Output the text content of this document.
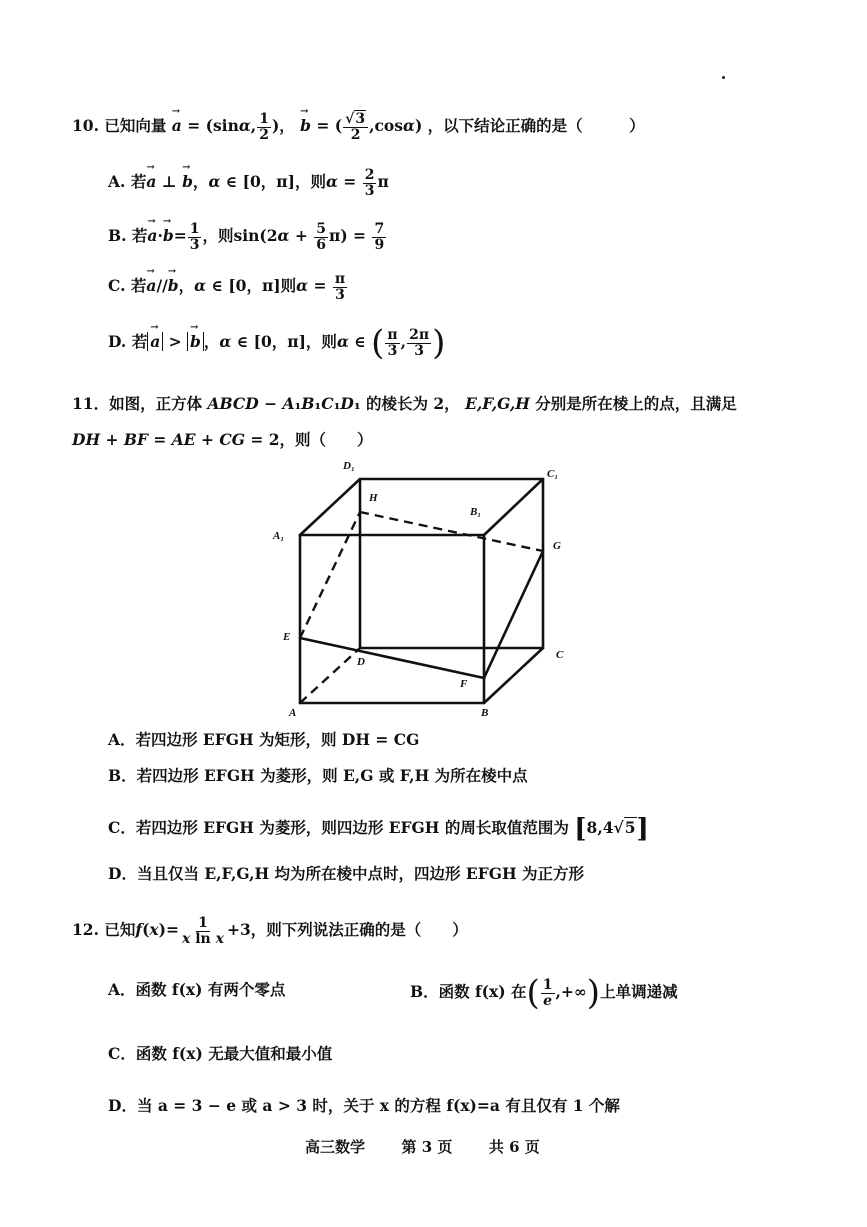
10. 已知向量 → a = (sinα, $\frac{1}{2}$ )， → b = ( $\frac{√3}{2} ,\cos\alpha$) ，以下结论正确的是（　　　）
A. 若→ a ⊥ → b，α ∈ [0，π]，则$\alpha = \frac{2}{3}$ π
B. 若→ $a\cdot\to b= \frac{1}{3}$ ，则$\sin(2\alpha + \frac{5}{6} \pi) = \frac{7}{9}$
C. 若→ a//→ b，α ∈ [0，π]则$\alpha = \frac{\pi}{3}$
D. 若 → a > → b ，α ∈ [0，π]，则α ∈ ( $\frac{\pi}{3}$ , $\frac{2\pi}{3}$ )
11．如图，正方体 ABCD − A₁B₁C₁D₁ 的棱长为 2， E,F,G,H 分别是所在棱上的点，且满足
DH + BF = AE + CG = 2，则（　　）
D₁
C₁
H
B₁
A₁
G
E
C
D
F
A	B
A．若四边形 EFGH 为矩形，则 DH = CG
B．若四边形 EFGH 为菱形，则 E,G 或 F,H 为所在棱中点
C．若四边形 EFGH 为菱形，则四边形 EFGH 的周长取值范围为 [8,4√5]
D．当且仅当 E,F,G,H 均为所在棱中点时，四边形 EFGH 为正方形
12. 已知$f(x)= \frac{1}{\text{x ln x}} +3$，则下列说法正确的是（　　）
A．函数 f(x) 有两个零点	B．函数 f(x) 在( $\frac{1}{e}$ ,+∞)上单调递减
C．函数 f(x) 无最大值和最小值
D．当 a = 3 − e 或 a > 3 时，关于 x 的方程 f(x)=a 有且仅有 1 个解
高三数学 第 3 页 共 6 页
